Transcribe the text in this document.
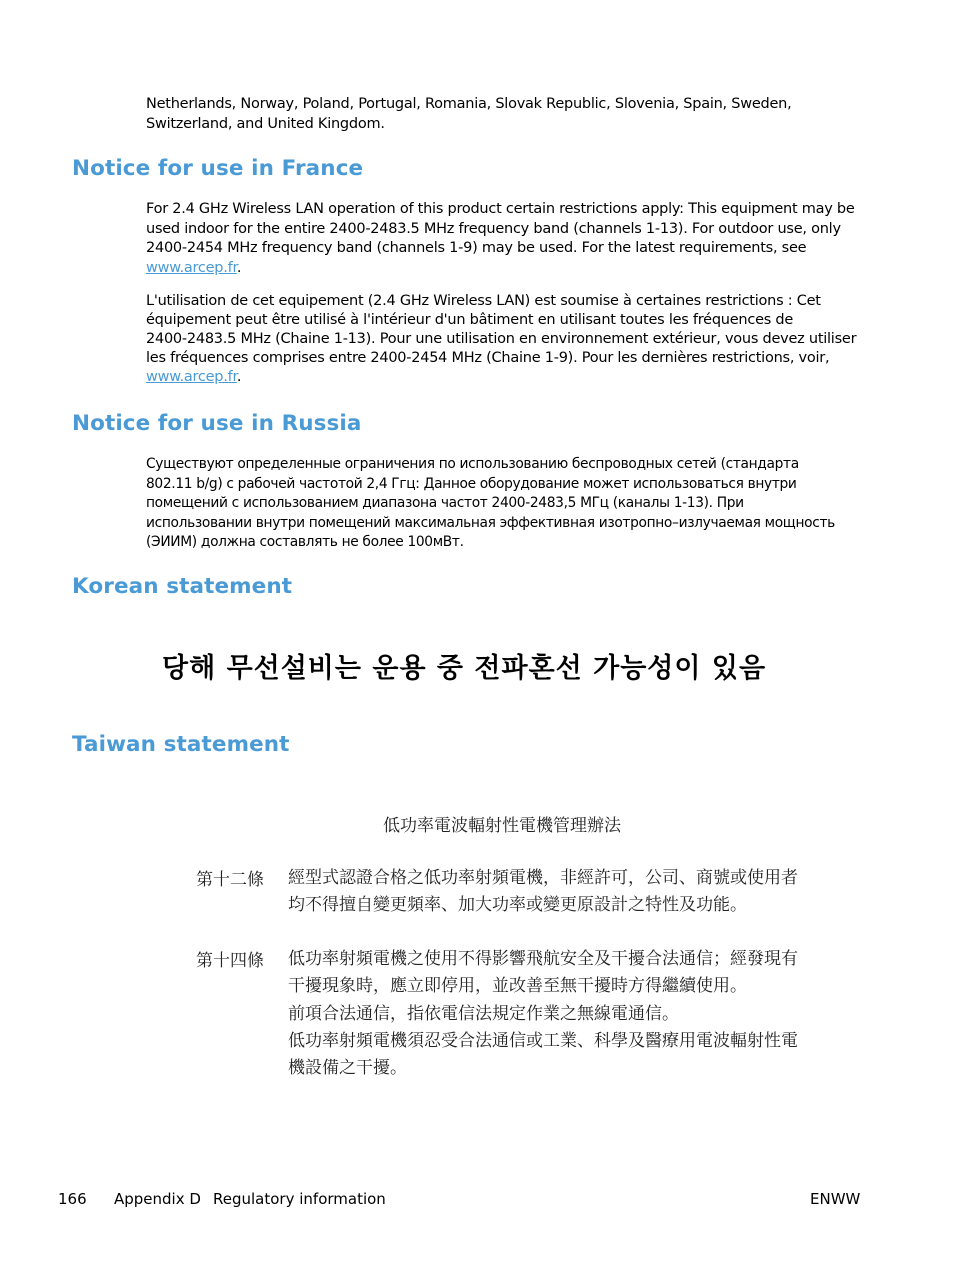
Netherlands, Norway, Poland, Portugal, Romania, Slovak Republic, Slovenia, Spain, Sweden,
Switzerland, and United Kingdom.
Notice for use in France
For 2.4 GHz Wireless LAN operation of this product certain restrictions apply: This equipment may be
used indoor for the entire 2400-2483.5 MHz frequency band (channels 1-13). For outdoor use, only
2400-2454 MHz frequency band (channels 1-9) may be used. For the latest requirements, see
www.arcep.fr.
L'utilisation de cet equipement (2.4 GHz Wireless LAN) est soumise à certaines restrictions : Cet
équipement peut être utilisé à l'intérieur d'un bâtiment en utilisant toutes les fréquences de
2400-2483.5 MHz (Chaine 1-13). Pour une utilisation en environnement extérieur, vous devez utiliser
les fréquences comprises entre 2400-2454 MHz (Chaine 1-9). Pour les dernières restrictions, voir,
www.arcep.fr.
Notice for use in Russia
Существуют определенные ограничения по использованию беспроводных сетей (стандарта
802.11 b/g) с рабочей частотой 2,4 Ггц: Данное оборудование может использоваться внутри
помещений с использованием диапазона частот 2400-2483,5 МГц (каналы 1-13). При
использовании внутри помещений максимальная эффективная изотропно–излучаемая мощность
(ЭИИМ) должна составлять не более 100мВт.
Korean statement
당해 무선설비는 운용 중 전파혼선 가능성이 있음
Taiwan statement
低功率電波輻射性電機管理辦法
第十二條 經型式認證合格之低功率射頻電機，非經許可，公司、商號或使用者
均不得擅自變更頻率、加大功率或變更原設計之特性及功能。
第十四條 低功率射頻電機之使用不得影響飛航安全及干擾合法通信；經發現有
干擾現象時，應立即停用，並改善至無干擾時方得繼續使用。
前項合法通信，指依電信法規定作業之無線電通信。
低功率射頻電機須忍受合法通信或工業、科學及醫療用電波輻射性電
機設備之干擾。
166 Appendix D Regulatory information	ENWW
